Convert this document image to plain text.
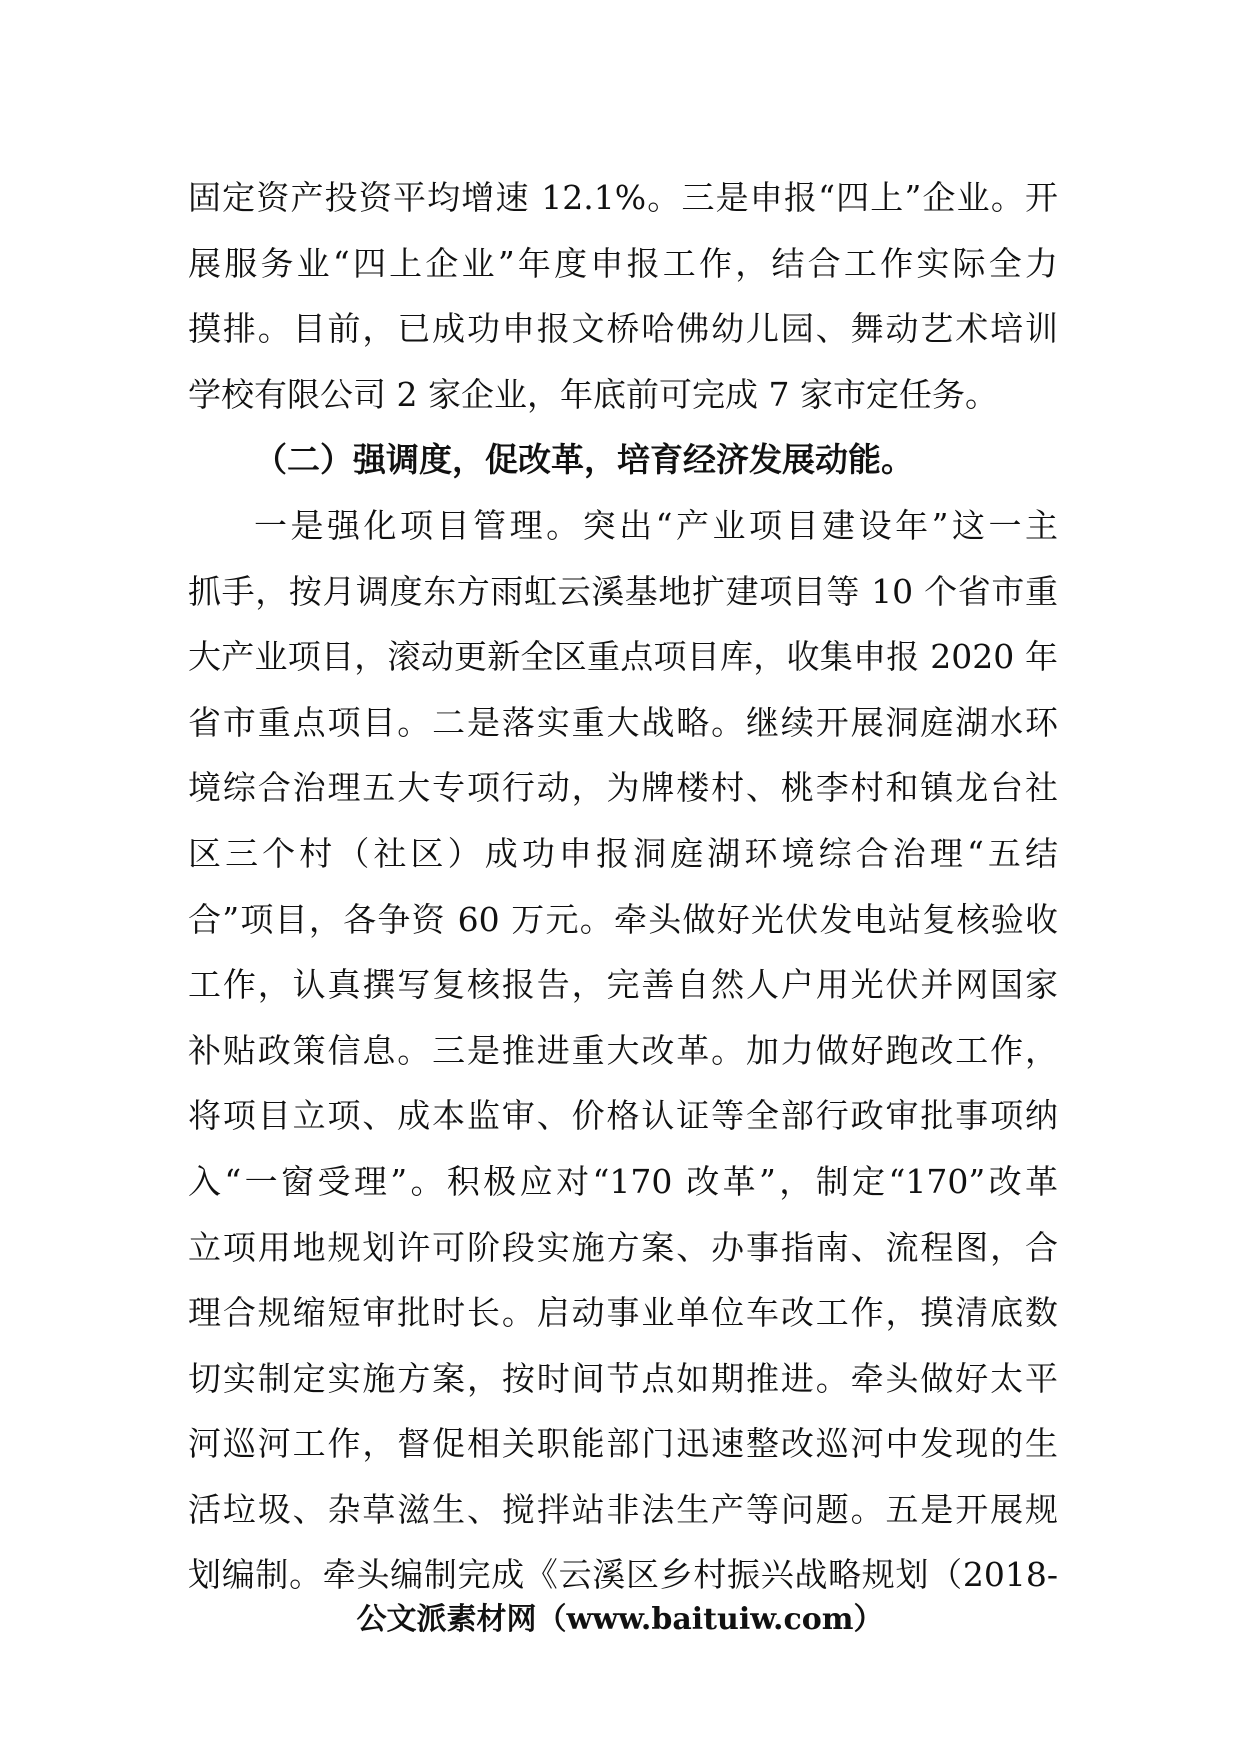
固定资产投资平均增速 12.1%。三是申报“四上”企业。开
展服务业“四上企业”年度申报工作，结合工作实际全力
摸排。目前，已成功申报文桥哈佛幼儿园、舞动艺术培训
学校有限公司 2 家企业，年底前可完成 7 家市定任务。
（二）强调度，促改革，培育经济发展动能。
一是强化项目管理。突出“产业项目建设年”这一主
抓手，按月调度东方雨虹云溪基地扩建项目等 10 个省市重
大产业项目，滚动更新全区重点项目库，收集申报 2020 年
省市重点项目。二是落实重大战略。继续开展洞庭湖水环
境综合治理五大专项行动，为牌楼村、桃李村和镇龙台社
区三个村（社区）成功申报洞庭湖环境综合治理“五结
合”项目，各争资 60 万元。牵头做好光伏发电站复核验收
工作，认真撰写复核报告，完善自然人户用光伏并网国家
补贴政策信息。三是推进重大改革。加力做好跑改工作，
将项目立项、成本监审、价格认证等全部行政审批事项纳
入“一窗受理”。积极应对“170 改革”，制定“170”改革
立项用地规划许可阶段实施方案、办事指南、流程图，合
理合规缩短审批时长。启动事业单位车改工作，摸清底数
切实制定实施方案，按时间节点如期推进。牵头做好太平
河巡河工作，督促相关职能部门迅速整改巡河中发现的生
活垃圾、杂草滋生、搅拌站非法生产等问题。五是开展规
划编制。牵头编制完成《云溪区乡村振兴战略规划（2018-
公文派素材网（www.baituiw.com）
